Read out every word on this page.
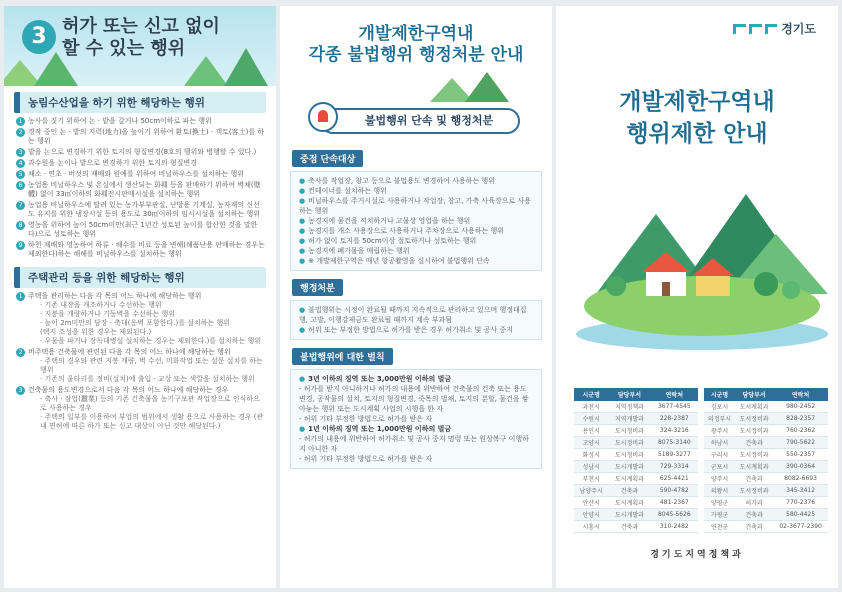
3 허가 또는 신고 없이
할 수 있는 행위
농림수산업을 하기 위한 해당하는 행위
1 농사를 짓기 위하여 논 · 밭을 갈거나 50cm이하로 파는 행위
2 경작 중인 논 · 밭의 지력(地力)을 높이기 위하여 환토(換土) · 객토(客土)를 하는 행위
3 밭을 논으로 변경하기 위한 토지의 형질변경(8호의 행위와 병행할 수 있다.)
4 과수원을 논이나 밭으로 변경하기 위한 토지의 형질변경
5 채소 · 연초 · 버섯의 재배와 원예를 위하여 비닐하우스를 설치하는 행위
6 농업용 비닐하우스 및 온실에서 생산되는 화훼 등을 판매하기 위하여 벽체(壁體) 없이 33㎡이하의 화훼전시판매시설을 설치하는 행위
7 농업용 비닐하우스에 딸려 있는 농가부부관실, 난방용 기계실, 농자재의 신선도 유지를 위한 냉장시설 등의 용도로 30㎡이하의 임시시설을 설치하는 행위
8 영농을 위하여 높이 50cm미만(최근 1년간 성토된 높이를 합산한 것을 말한다)으로 성토하는 행위
9 하천 재배와 영농하여 하류 · 해수를 비료 등을 변해(해품난용 판매하는 경우는 제외한다)하는 해해를 비닐하우스를 설치하는 행위
주택관리 등을 위한 해당하는 행위
1 주택을 관리하는 다음 각 목의 어느 하나에 해당하는 행위
· 기존 내장을 개조하거나 수선하는 행위
· 지붕을 개량하거나 기둥벽을 수선하는 행위
· 높이 2m미만의 담장 · 축대(옹벽 포함한다.)를 설치하는 행위
(택지 조성을 위한 경우는 제외된다.)
· 우물을 파거나 장독대병설 설치하는 경우는 제외한다.)를 설치하는 행위
2 비주택용 건축물에 관련된 다음 각 목의 어느 하나에 해당하는 행위
· 주택의 경우와 관련 지붕 개량, 벽 수선, 미화작업 또는 설문 설치를 하는 행위
· 기존의 울타리를 정비(설치)에 출입 · 교상 또는 색깔을 설치하는 행위
3 건축물의 용도변경으로서 다음 각 목의 어느 하나에 해당하는 경우
· 축사 · 잠업(蠶業) 등의 기존 건축물을 농기구보관 작업장으로 인식하으로 사용하는 경우
· 주택의 일부를 이용하여 부업의 범위에서 생활 용으로 사용하는 경우 (관내 면허에 따른 하가 또는 신고 대상이 아닌 것만 해당된다.)
개발제한구역내
각종 불법행위 행정처분 안내
불법행위 단속 및 행정처분
중점 단속대상
● 축사를 작업장, 창고 등으로 불법용도 변경하여 사용하는 행위
● 컨테이너를 설치하는 행위
● 비닐하우스를 주거시설로 사용하거나 작업장, 창고, 가축 사육장으로 사용하는 행위
● 농경지에 물건을 적치하거나 고물상 영업을 하는 행위
● 농경지를 개소 사용장으로 사용하거나 주차장으로 사용하는 행위
● 허가 없이 토지를 50cm이상 절토하거나 성토하는 행위
● 농경지에 폐기물을 매립하는 행위
● ※ 개발제한구역은 매년 항공촬영을 실시하여 불법행위 단속
행정처분
● 불법행위는 시정이 완료될 때까지 지속적으로 관리하고 있으며 행정대집행, 고발, 이행강제금도 완료될 때까지 계속 부과됨
● 허위 또는 부정한 방법으로 허가를 받은 경우 허가취소 및 공사 중지
불법행위에 대한 벌칙
● 3년 이하의 징역 또는 3,000만원 이하의 벌금
- 허가를 받지 아니하거나 허가의 내용에 위반하여 건축물의 건축 또는 용도변경, 공작물의 설치, 토지의 형질변경, 죽목의 벌채, 토지의 분할, 물건을 쌓아놓는 행위 또는 도시계획 사업의 시행을 한 자
- 허위 기타 부정한 방법으로 허가를 받은 자
● 1년 이하의 징역 또는 1,000만원 이하의 벌금
- 허가의 내용에 위반하여 허가취소 및 공사 중지 명령 또는 원상복구 이행하지 아니한 자
- 허위 기타 부정한 방법으로 허가를 받은 자
경기도
개발제한구역내
행위제한 안내
시군명	담당부서	연락처
과천시	지역정책과	3677-4545
수원시	지역개발과	228-2387
용인시	도시정비과	324-3216
고양시	도시정비과	8075-3140
화성시	도시정비과	5189-3277
성남시	도시개발과	729-3314
부천시	도시계획과	625-4421
남양주시	건축과	590-4782
안산시	도시계획과	481-2367
안양시	도시개발과	8045-5626
시흥시	건축과	310-2482
시군명	담당부서	연락처
김포시	도시계획과	980-2452
의정부시	도시정비과	828-2357
광주시	도시정비과	760-2362
하남시	건축과	790-5622
구리시	도시정비과	550-2357
군포시	도시계획과	390-0364
양주시	건축과	8082-6693
의왕시	도시정비과	345-3412
양평군	허가과	770-2376
가평군	건축과	580-4425
연천군	건축과	02-3677-2390
경기도지역정책과
